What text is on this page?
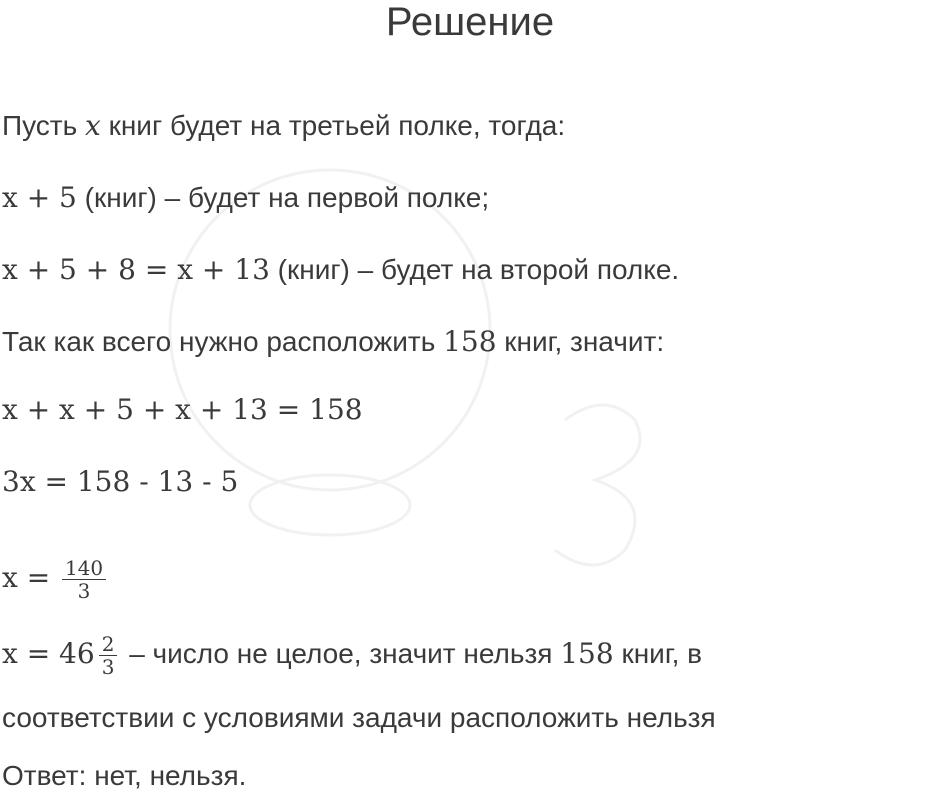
Решение
Пусть x книг будет на третьей полке, тогда:
x + 5 (книг) – будет на первой полке;
x + 5 + 8 = x + 13 (книг) – будет на второй полке.
Так как всего нужно расположить 158 книг, значит:
x + x + 5 + x + 13 = 158
3x = 158 - 13 - 5
$x = \frac{140}{3}$
$x = 46 \frac{2}{3}$ – число не целое, значит нельзя 158 книг, в
соответствии с условиями задачи расположить нельзя
Ответ: нет, нельзя.
